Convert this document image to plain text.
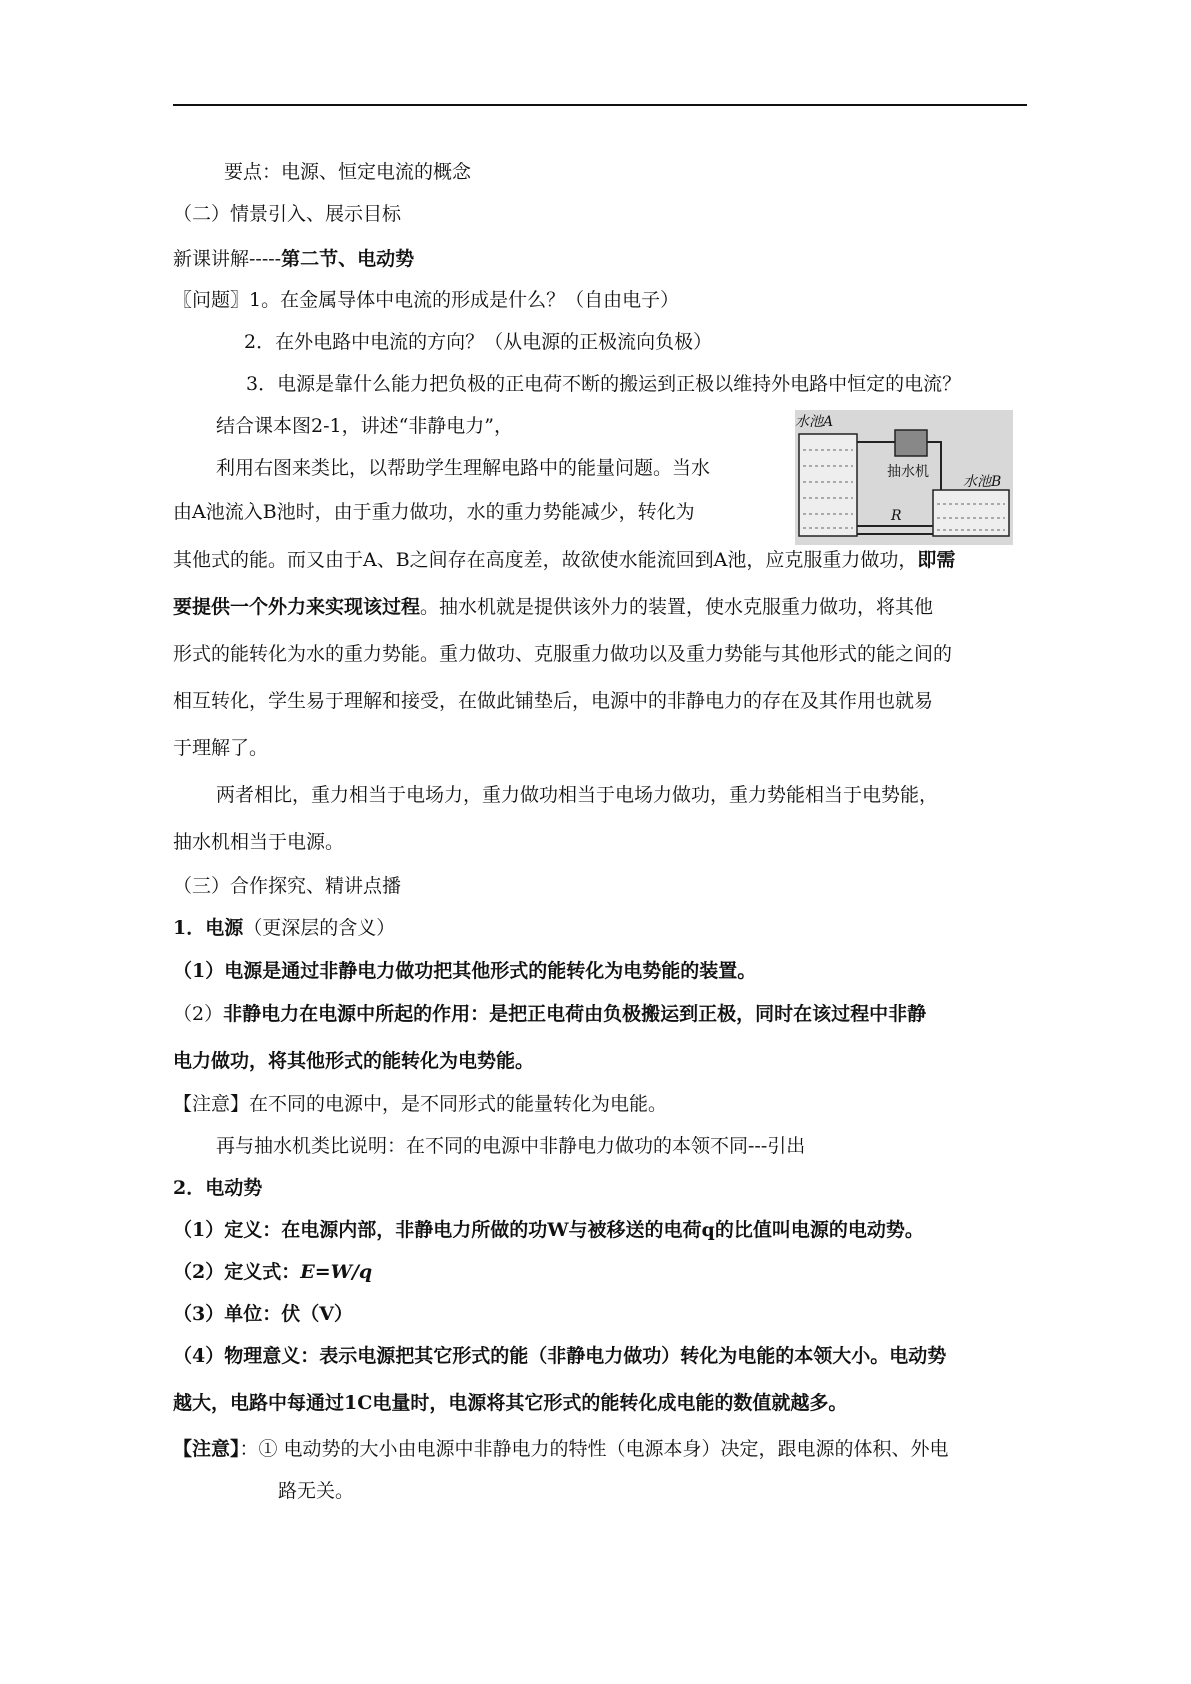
要点：电源、恒定电流的概念
（二）情景引入、展示目标
新课讲解-----第二节、电动势
〖问题〗1。在金属导体中电流的形成是什么？（自由电子）
2．在外电路中电流的方向？（从电源的正极流向负极）
3．电源是靠什么能力把负极的正电荷不断的搬运到正极以维持外电路中恒定的电流？
结合课本图2-1，讲述“非静电力”，
利用右图来类比，以帮助学生理解电路中的能量问题。当水
由A池流入B池时，由于重力做功，水的重力势能减少，转化为
其他式的能。而又由于A、B之间存在高度差，故欲使水能流回到A池，应克服重力做功，即需
要提供一个外力来实现该过程。抽水机就是提供该外力的装置，使水克服重力做功，将其他
形式的能转化为水的重力势能。重力做功、克服重力做功以及重力势能与其他形式的能之间的
相互转化，学生易于理解和接受，在做此铺垫后，电源中的非静电力的存在及其作用也就易
于理解了。
两者相比，重力相当于电场力，重力做功相当于电场力做功，重力势能相当于电势能，
抽水机相当于电源。
（三）合作探究、精讲点播
1．电源（更深层的含义）
（1）电源是通过非静电力做功把其他形式的能转化为电势能的装置。
（2）非静电力在电源中所起的作用：是把正电荷由负极搬运到正极，同时在该过程中非静
电力做功，将其他形式的能转化为电势能。
【注意】在不同的电源中，是不同形式的能量转化为电能。
再与抽水机类比说明：在不同的电源中非静电力做功的本领不同---引出
2．电动势
（1）定义：在电源内部，非静电力所做的功W与被移送的电荷q的比值叫电源的电动势。
（2）定义式：E=W/q
（3）单位：伏（V）
（4）物理意义：表示电源把其它形式的能（非静电力做功）转化为电能的本领大小。电动势
越大，电路中每通过1C电量时，电源将其它形式的能转化成电能的数值就越多。
【注意】：① 电动势的大小由电源中非静电力的特性（电源本身）决定，跟电源的体积、外电
路无关。
水池A
抽水机
水池B
R
